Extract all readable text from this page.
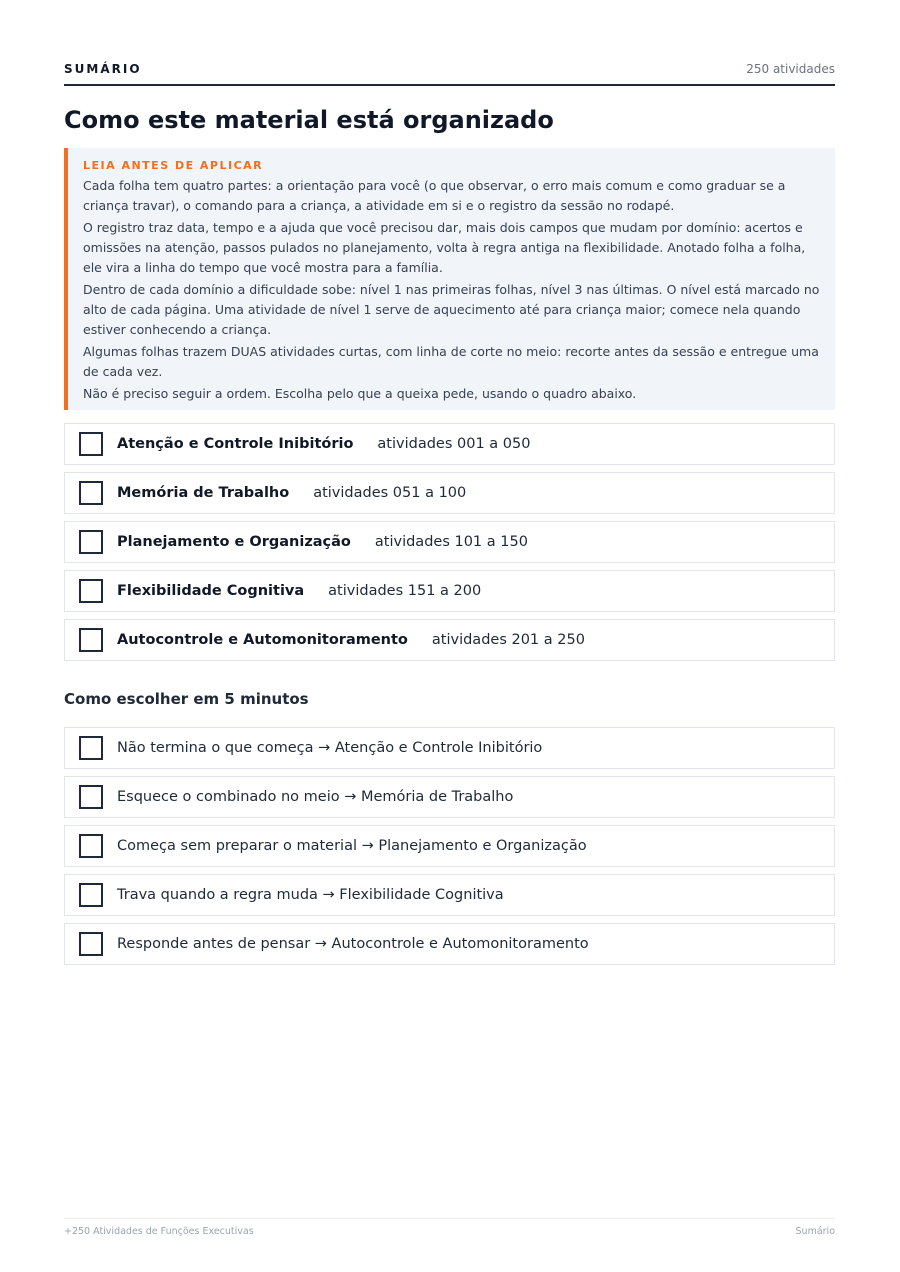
SUMÁRIO	250 atividades
Como este material está organizado
LEIA ANTES DE APLICAR

Cada folha tem quatro partes: a orientação para você (o que observar, o erro mais comum e como graduar se a criança travar), o comando para a criança, a atividade em si e o registro da sessão no rodapé.

O registro traz data, tempo e a ajuda que você precisou dar, mais dois campos que mudam por domínio: acertos e omissões na atenção, passos pulados no planejamento, volta à regra antiga na flexibilidade. Anotado folha a folha, ele vira a linha do tempo que você mostra para a família.

Dentro de cada domínio a dificuldade sobe: nível 1 nas primeiras folhas, nível 3 nas últimas. O nível está marcado no alto de cada página. Uma atividade de nível 1 serve de aquecimento até para criança maior; comece nela quando estiver conhecendo a criança.

Algumas folhas trazem DUAS atividades curtas, com linha de corte no meio: recorte antes da sessão e entregue uma de cada vez.

Não é preciso seguir a ordem. Escolha pelo que a queixa pede, usando o quadro abaixo.

Atenção e Controle Inibitório atividades 001 a 050
Memória de Trabalho atividades 051 a 100
Planejamento e Organização atividades 101 a 150
Flexibilidade Cognitiva atividades 151 a 200
Autocontrole e Automonitoramento atividades 201 a 250
Como escolher em 5 minutos
Não termina o que começa → Atenção e Controle Inibitório
Esquece o combinado no meio → Memória de Trabalho
Começa sem preparar o material → Planejamento e Organização
Trava quando a regra muda → Flexibilidade Cognitiva
Responde antes de pensar → Autocontrole e Automonitoramento
+250 Atividades de Funções Executivas	Sumário
